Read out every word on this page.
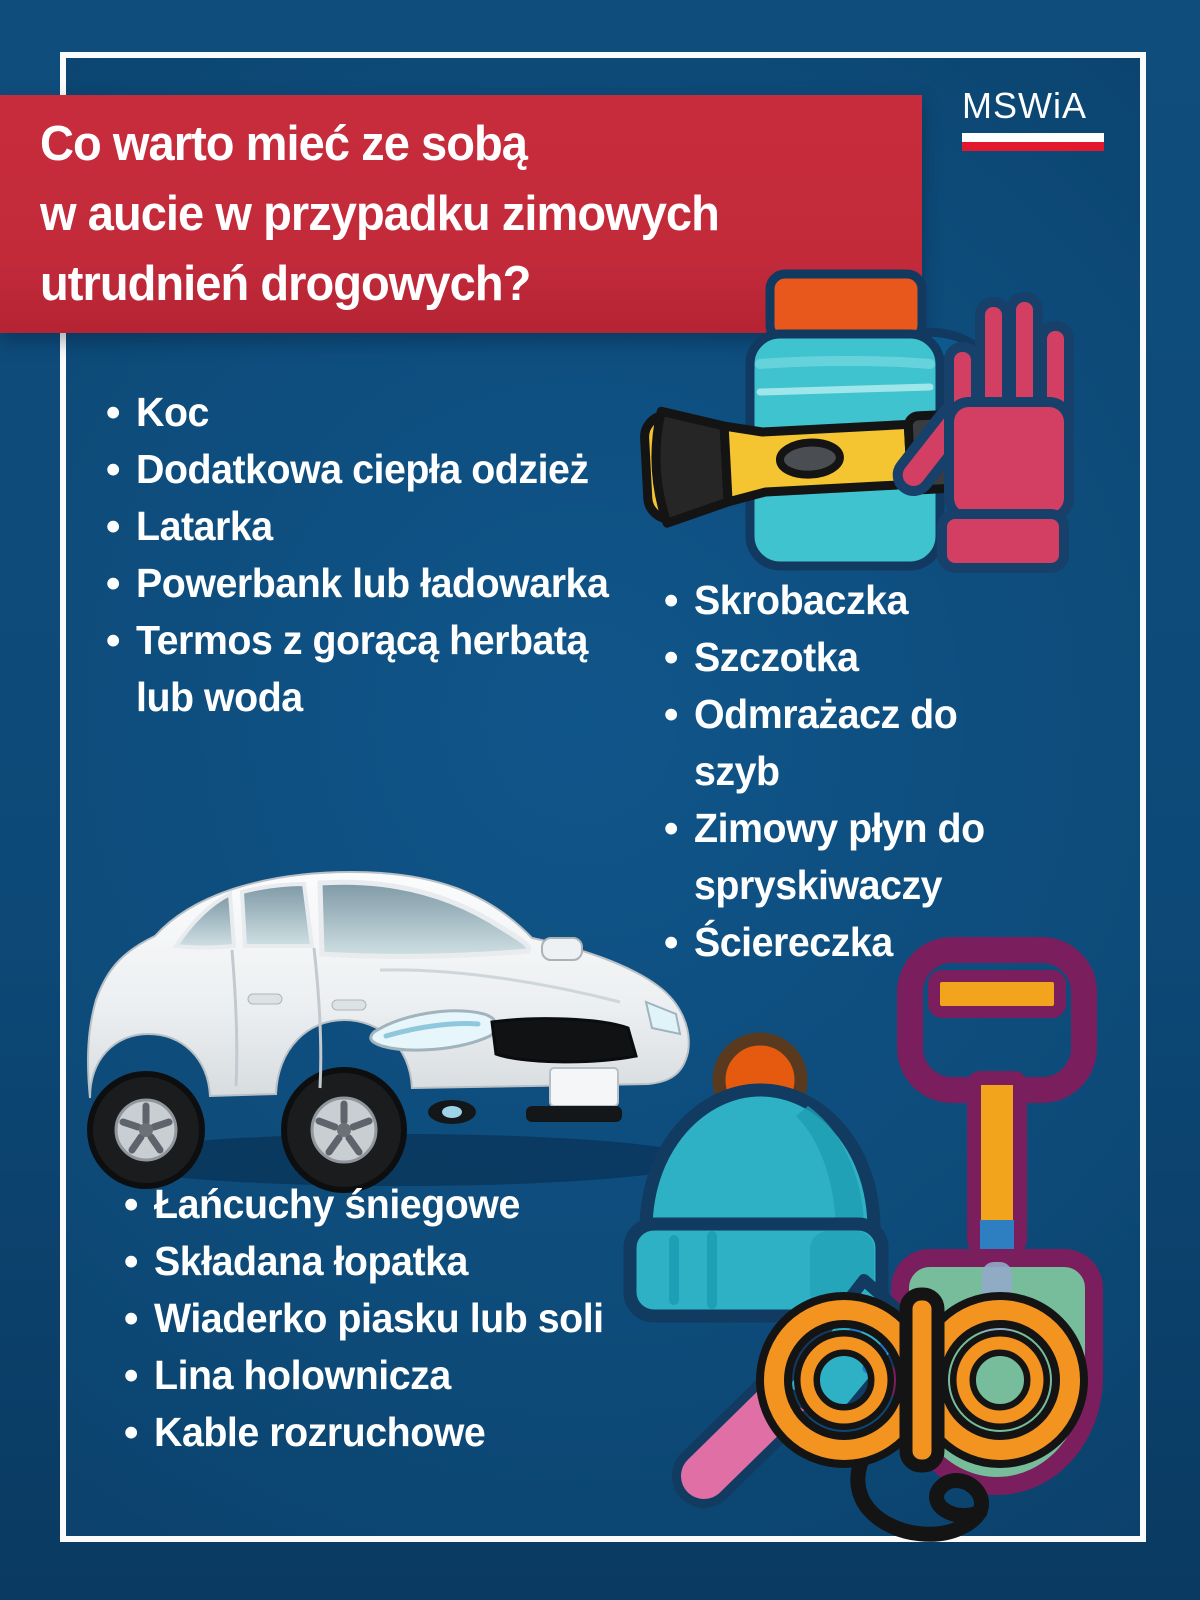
Co warto mieć ze sobą
w aucie w przypadku zimowych
utrudnień drogowych?
MSWiA
• Koc
• Dodatkowa ciepła odzież
• Latarka
• Powerbank lub ładowarka
• Termos z gorącą herbatą lub woda
• Skrobaczka
• Szczotka
• Odmrażacz do szyb
• Zimowy płyn do spryskiwaczy
• Ściereczka
• Łańcuchy śniegowe
• Składana łopatka
• Wiaderko piasku lub soli
• Lina holownicza
• Kable rozruchowe
